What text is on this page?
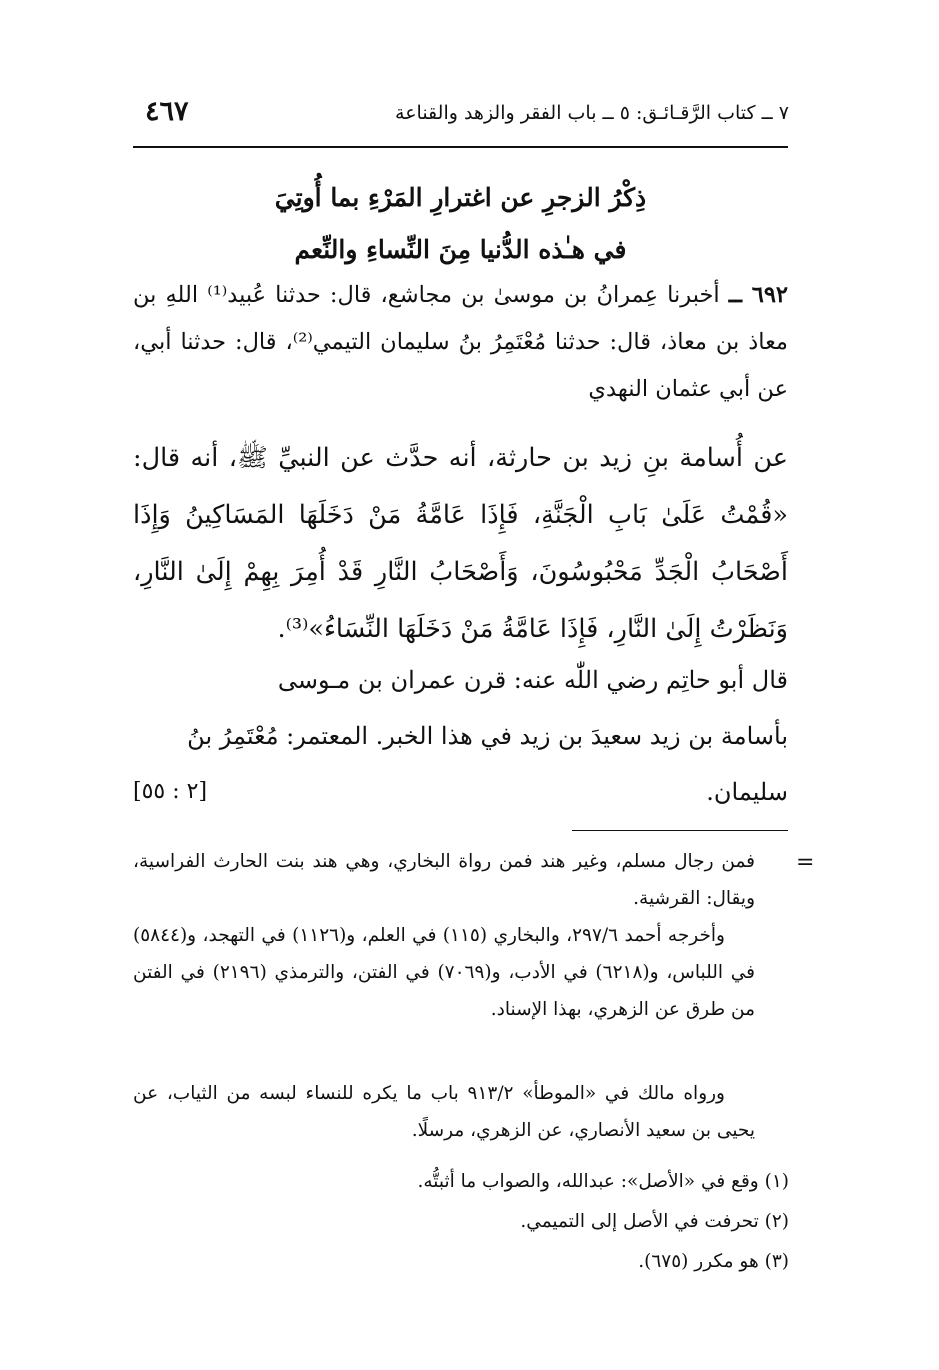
٧ ــ كتاب الرَّقـائـق: ٥ ــ باب الفقر والزهد والقناعة
٤٦٧
ذِكْرُ الزجرِ عن اغترارِ المَرْءِ بما أُوتِيَ
في هـٰذه الدُّنيا مِنَ النِّساءِ والنِّعم
٦٩٢ ــ أخبرنا عِمرانُ بن موسىٰ بن مجاشع، قال: حدثنا عُبيد⁽¹⁾ اللهِ بن معاذ بن معاذ، قال: حدثنا مُعْتَمِرُ بنُ سليمان التيمي⁽²⁾، قال: حدثنا أبي، عن أبي عثمان النهدي
عن أُسامة بنِ زيد بن حارثة، أنه حدَّث عن النبيِّ ﷺ، أنه قال: «قُمْتُ عَلَىٰ بَابِ الْجَنَّةِ، فَإِذَا عَامَّةُ مَنْ دَخَلَهَا المَسَاكِينُ وَإِذَا أَصْحَابُ الْجَدِّ مَحْبُوسُونَ، وَأَصْحَابُ النَّارِ قَدْ أُمِرَ بِهِمْ إِلَىٰ النَّارِ، وَنَظَرْتُ إِلَىٰ النَّارِ، فَإِذَا عَامَّةُ مَنْ دَخَلَهَا النِّسَاءُ»⁽³⁾.
قال أبو حاتِم رضي اللّٰه عنه: قرن عمران بن مـوسى
بأسامة بن زيد سعيدَ بن زيد في هذا الخبر. المعتمر: مُعْتَمِرُ بنُ
سليمان.
[٢ : ٥٥]
=
فمن رجال مسلم، وغير هند فمن رواة البخاري، وهي هند بنت الحارث الفراسية، ويقال: القرشية.
وأخرجه أحمد ٢٩٧/٦، والبخاري (١١٥) في العلم، و(١١٢٦) في التهجد، و(٥٨٤٤) في اللباس، و(٦٢١٨) في الأدب، و(٧٠٦٩) في الفتن، والترمذي (٢١٩٦) في الفتن من طرق عن الزهري، بهذا الإسناد.
ورواه مالك في «الموطأ» ٩١٣/٢ باب ما يكره للنساء لبسه من الثياب، عن يحيى بن سعيد الأنصاري، عن الزهري، مرسلًا.
(١) وقع في «الأصل»: عبدالله، والصواب ما أثبتُّه.
(٢) تحرفت في الأصل إلى التميمي.
(٣) هو مكرر (٦٧٥).
